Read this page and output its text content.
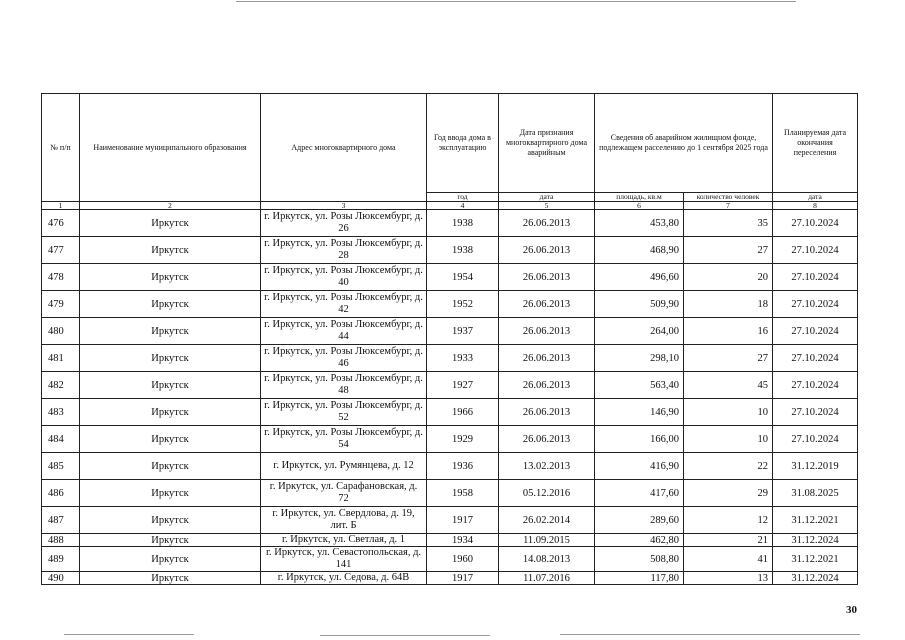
№ п/п	Наименование муниципального образования	Адрес многоквартирного дома	Год ввода дома в эксплуатацию	Дата признания многоквартирного дома аварийным	Сведения об аварийном жилищном фонде, подлежащем расселению до 1 сентября 2025 года		Планируемая дата окончания переселения
			год	дата	площадь, кв.м	количество человек	дата
1	2	3	4	5	6	7	8
476	Иркутск	г. Иркутск, ул. Розы Люксембург, д. 26	1938	26.06.2013	453,80	35	27.10.2024
477	Иркутск	г. Иркутск, ул. Розы Люксембург, д. 28	1938	26.06.2013	468,90	27	27.10.2024
478	Иркутск	г. Иркутск, ул. Розы Люксембург, д. 40	1954	26.06.2013	496,60	20	27.10.2024
479	Иркутск	г. Иркутск, ул. Розы Люксембург, д. 42	1952	26.06.2013	509,90	18	27.10.2024
480	Иркутск	г. Иркутск, ул. Розы Люксембург, д. 44	1937	26.06.2013	264,00	16	27.10.2024
481	Иркутск	г. Иркутск, ул. Розы Люксембург, д. 46	1933	26.06.2013	298,10	27	27.10.2024
482	Иркутск	г. Иркутск, ул. Розы Люксембург, д. 48	1927	26.06.2013	563,40	45	27.10.2024
483	Иркутск	г. Иркутск, ул. Розы Люксембург, д. 52	1966	26.06.2013	146,90	10	27.10.2024
484	Иркутск	г. Иркутск, ул. Розы Люксембург, д. 54	1929	26.06.2013	166,00	10	27.10.2024
485	Иркутск	г. Иркутск, ул. Румянцева, д. 12	1936	13.02.2013	416,90	22	31.12.2019
486	Иркутск	г. Иркутск, ул. Сарафановская, д. 72	1958	05.12.2016	417,60	29	31.08.2025
487	Иркутск	г. Иркутск, ул. Свердлова, д. 19, лит. Б	1917	26.02.2014	289,60	12	31.12.2021
488	Иркутск	г. Иркутск, ул. Светлая, д. 1	1934	11.09.2015	462,80	21	31.12.2024
489	Иркутск	г. Иркутск, ул. Севастопольская, д. 141	1960	14.08.2013	508,80	41	31.12.2021
490	Иркутск	г. Иркутск, ул. Седова, д. 64В	1917	11.07.2016	117,80	13	31.12.2024
30
